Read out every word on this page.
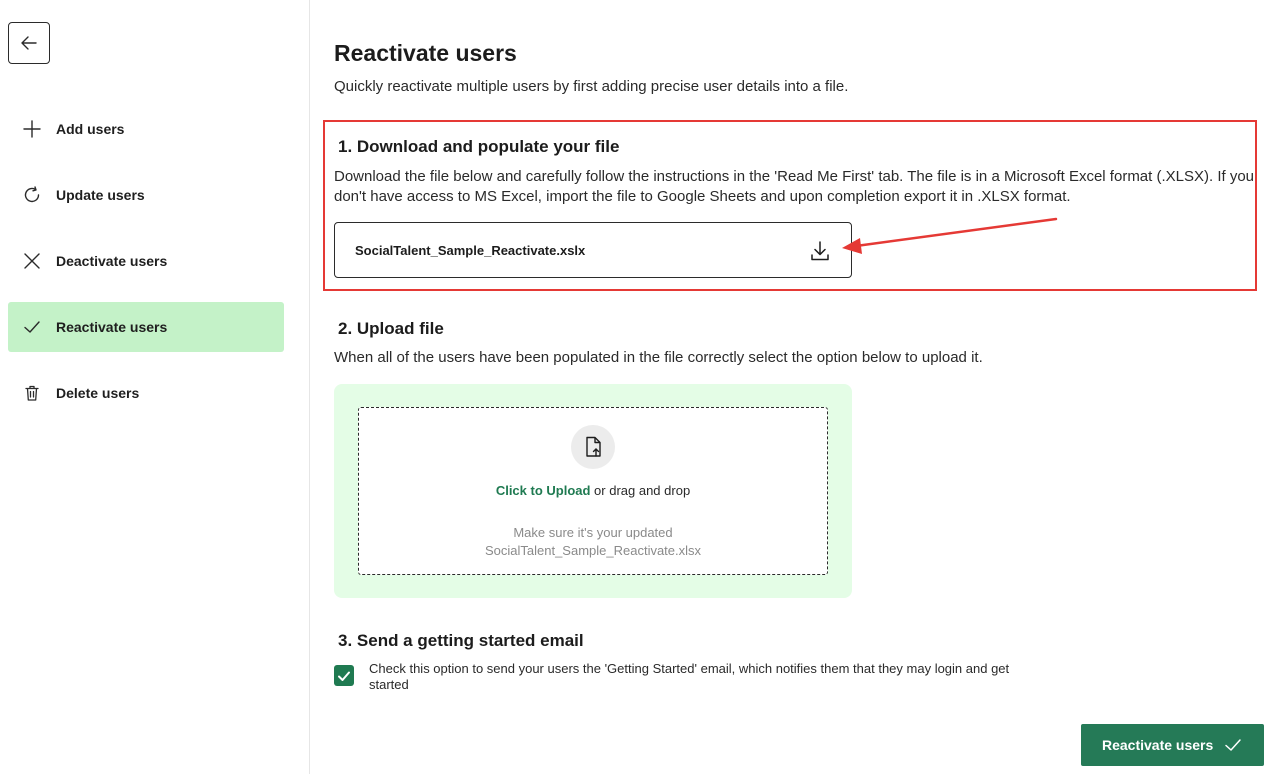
Add users
Update users
Deactivate users
Reactivate users
Delete users
Reactivate users

Quickly reactivate multiple users by first adding precise user details into a file.

1. Download and populate your file

Download the file below and carefully follow the instructions in the 'Read Me First' tab. The file is in a Microsoft Excel format (.XLSX). If you don't have access to MS Excel, import the file to Google Sheets and upon completion export it in .XLSX format.

SocialTalent_Sample_Reactivate.xslx
2. Upload file

When all of the users have been populated in the file correctly select the option below to upload it.

Click to Upload or drag and drop
Make sure it's your updated
SocialTalent_Sample_Reactivate.xlsx
3. Send a getting started email

Check this option to send your users the 'Getting Started' email, which notifies them that they may login and get started

Reactivate users
